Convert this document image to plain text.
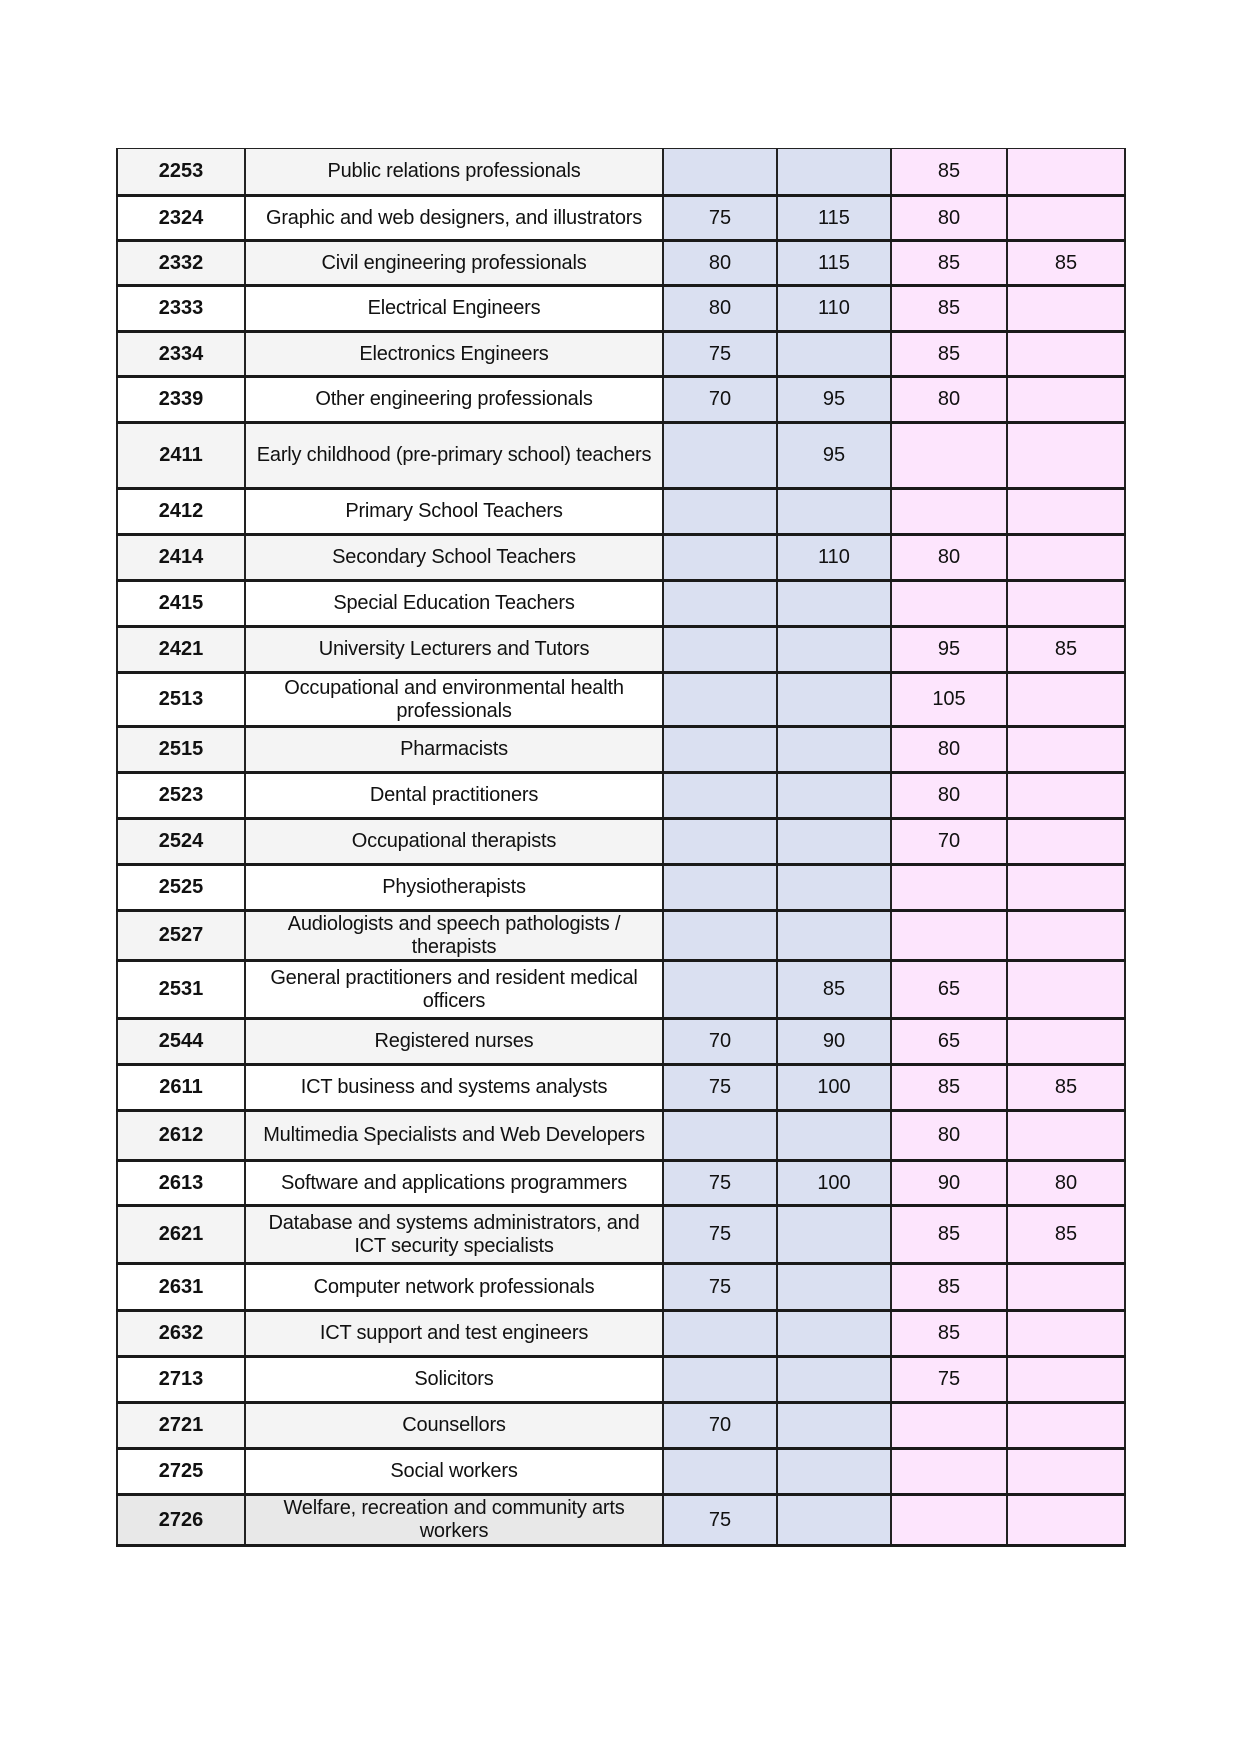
2253	Public relations professionals			85	
2324	Graphic and web designers, and illustrators	75	115	80	
2332	Civil engineering professionals	80	115	85	85
2333	Electrical Engineers	80	110	85	
2334	Electronics Engineers	75		85	
2339	Other engineering professionals	70	95	80	
2411	Early childhood (pre-primary school) teachers		95		
2412	Primary School Teachers				
2414	Secondary School Teachers		110	80	
2415	Special Education Teachers				
2421	University Lecturers and Tutors			95	85
2513	Occupational and environmental health professionals			105	
2515	Pharmacists			80	
2523	Dental practitioners			80	
2524	Occupational therapists			70	
2525	Physiotherapists				
2527	Audiologists and speech pathologists / therapists				
2531	General practitioners and resident medical officers		85	65	
2544	Registered nurses	70	90	65	
2611	ICT business and systems analysts	75	100	85	85
2612	Multimedia Specialists and Web Developers			80	
2613	Software and applications programmers	75	100	90	80
2621	Database and systems administrators, and ICT security specialists	75		85	85
2631	Computer network professionals	75		85	
2632	ICT support and test engineers			85	
2713	Solicitors			75	
2721	Counsellors	70			
2725	Social workers				
2726	Welfare, recreation and community arts workers	75			
